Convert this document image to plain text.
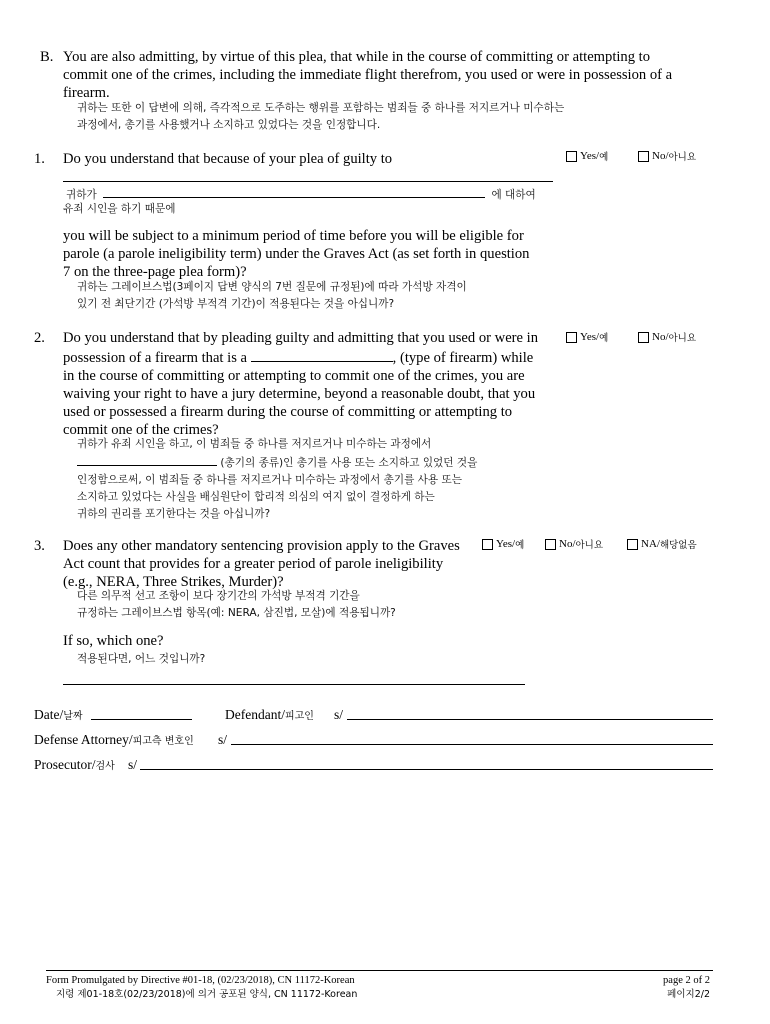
B. You are also admitting, by virtue of this plea, that while in the course of committing or attempting to
commit one of the crimes, including the immediate flight therefrom, you used or were in possession of a
firearm.
귀하는 또한 이 답변에 의해, 즉각적으로 도주하는 행위를 포함하는 범죄들 중 하나를 저지르거나 미수하는
과정에서, 총기를 사용했거나 소지하고 있었다는 것을 인정합니다.
1. Do you understand that because of your plea of guilty to	Yes/ 예	No/ 아니요
귀하가	에 대하여
유죄 시인을 하기 때문에
you will be subject to a minimum period of time before you will be eligible for
parole (a parole ineligibility term) under the Graves Act (as set forth in question
7 on the three-page plea form)?
귀하는 그레이브스법(3페이지 답변 양식의 7번 질문에 규정된)에 따라 가석방 자격이
있기 전 최단기간 (가석방 부적격 기간)이 적용된다는 것을 아십니까?
2. Do you understand that by pleading guilty and admitting that you used or were in
possession of a firearm that is a	, (type of firearm) while
in the course of committing or attempting to commit one of the crimes, you are
waiving your right to have a jury determine, beyond a reasonable doubt, that you
used or possessed a firearm during the course of committing or attempting to
commit one of the crimes?
Yes/ 예	No/ 아니요
귀하가 유죄 시인을 하고, 이 범죄들 중 하나를 저지르거나 미수하는 과정에서
(총기의 종류)인 총기를 사용 또는 소지하고 있었던 것을
인정함으로써, 이 범죄들 중 하나를 저지르거나 미수하는 과정에서 총기를 사용 또는
소지하고 있었다는 사실을 배심원단이 합리적 의심의 여지 없이 결정하게 하는
귀하의 권리를 포기한다는 것을 아십니까?
3. Does any other mandatory sentencing provision apply to the Graves
Act count that provides for a greater period of parole ineligibility
(e.g., NERA, Three Strikes, Murder)?
Yes/ 예	No/ 아니요	NA/ 해당없음
다른 의무적 선고 조항이 보다 장기간의 가석방 부적격 기간을
규정하는 그레이브스법 항목(예: NERA, 삼진법, 모살)에 적용됩니까?
If so, which one?
적용된다면, 어느 것입니까?
Date/날짜	Defendant/피고인 s/
Defense Attorney/피고측 변호인 s/
Prosecutor/검사 s/
Form Promulgated by Directive #01-18, (02/23/2018), CN 11172-Korean
지령 제01-18호(02/23/2018)에 의거 공포된 양식, CN 11172-Korean
page 2 of 2
페이지2/2
